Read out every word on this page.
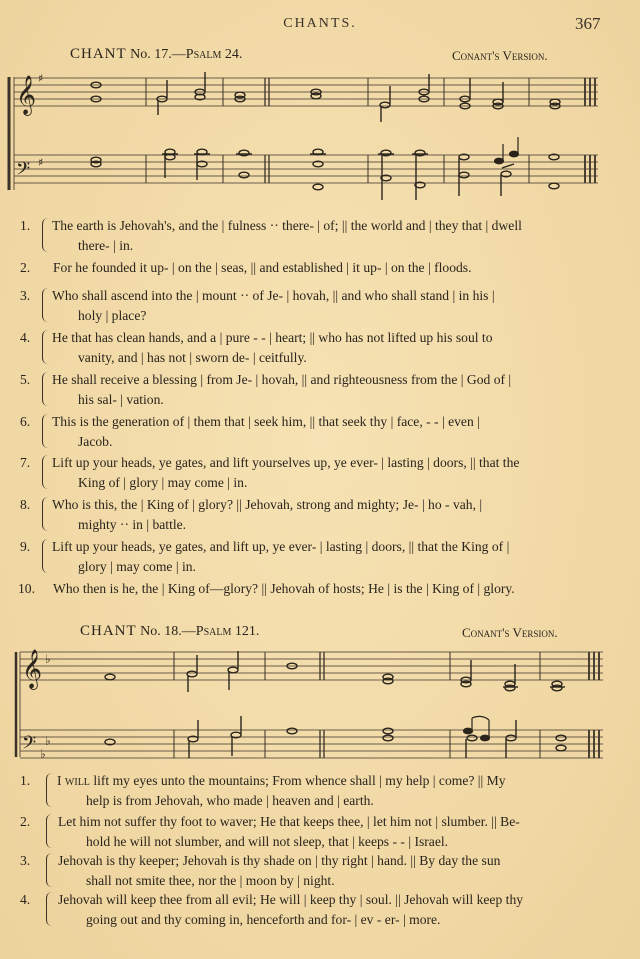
CHANTS.	367
CHANT No. 17.—Psalm 24.	Conant's Version.
𝄞 ♯
𝄢 ♯
1. The earth is Jehovah's, and the | fulness ·· there- | of; || the world and | they that | dwell
there- | in.
2. For he founded it up- | on the | seas, || and established | it up- | on the | floods.
3. Who shall ascend into the | mount ·· of Je- | hovah, || and who shall stand | in his |
holy | place?
4. He that has clean hands, and a | pure - - | heart; || who has not lifted up his soul to
vanity, and | has not | sworn de- | ceitfully.
5. He shall receive a blessing | from Je- | hovah, || and righteousness from the | God of |
his sal- | vation.
6. This is the generation of | them that | seek him, || that seek thy | face, - - | even |
Jacob.
7. Lift up your heads, ye gates, and lift yourselves up, ye ever- | lasting | doors, || that the
King of | glory | may come | in.
8. Who is this, the | King of | glory? || Jehovah, strong and mighty; Je- | ho - vah, |
mighty ·· in | battle.
9. Lift up your heads, ye gates, and lift up, ye ever- | lasting | doors, || that the King of |
glory | may come | in.
10. Who then is he, the | King of—glory? || Jehovah of hosts; He | is the | King of | glory.
CHANT No. 18.—Psalm 121.	Conant's Version.
𝄞 ♭
𝄢 ♭
♭
1. I will lift my eyes unto the mountains; From whence shall | my help | come? || My
help is from Jehovah, who made | heaven and | earth.
2. Let him not suffer thy foot to waver; He that keeps thee, | let him not | slumber. || Be-
hold he will not slumber, and will not sleep, that | keeps - - | Israel.
3. Jehovah is thy keeper; Jehovah is thy shade on | thy right | hand. || By day the sun
shall not smite thee, nor the | moon by | night.
4. Jehovah will keep thee from all evil; He will | keep thy | soul. || Jehovah will keep thy
going out and thy coming in, henceforth and for- | ev - er- | more.
